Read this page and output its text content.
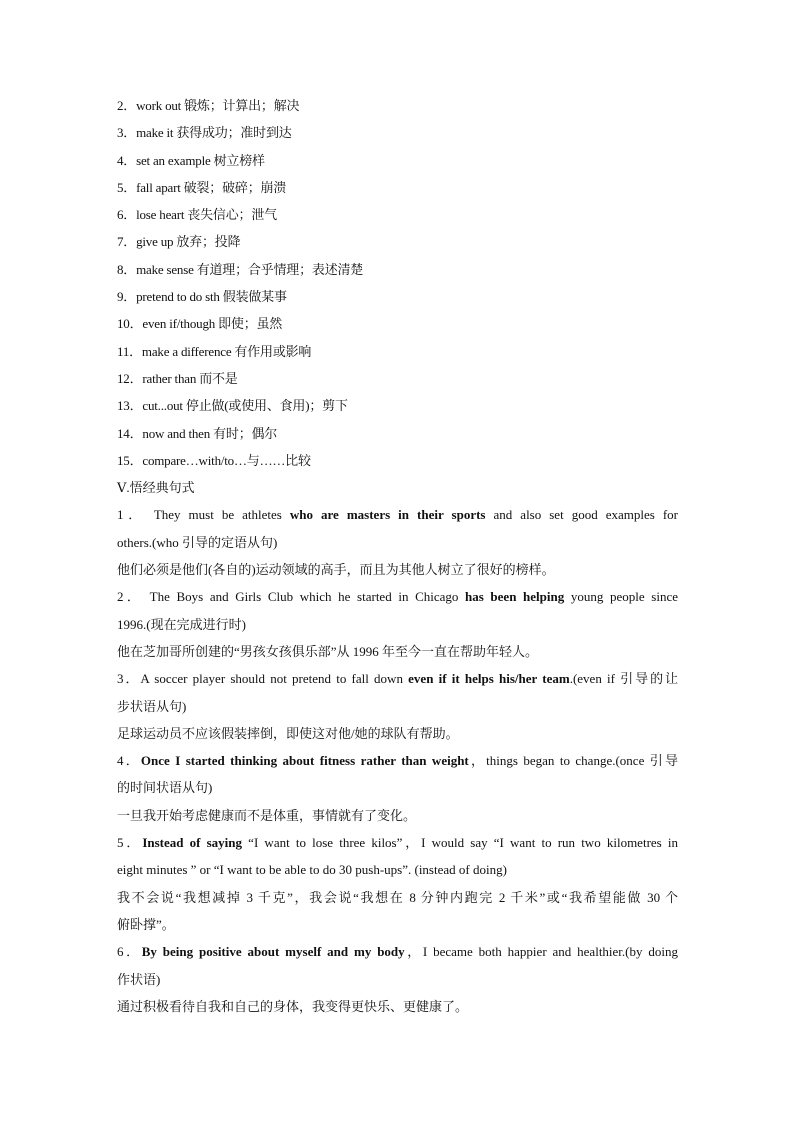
2．work out 锻炼；计算出；解决
3．make it 获得成功；准时到达
4．set an example 树立榜样
5．fall apart 破裂；破碎；崩溃
6．lose heart 丧失信心；泄气
7．give up 放弃；投降
8．make sense 有道理；合乎情理；表述清楚
9．pretend to do sth 假装做某事
10．even if/though 即使；虽然
11．make a difference 有作用或影响
12．rather than 而不是
13．cut...out 停止做(或使用、食用)；剪下
14．now and then 有时；偶尔
15．compare…with/to…与……比较
Ⅴ.悟经典句式
1． They must be athletes who are masters in their sports and also set good examples for
others.(who 引导的定语从句)
他们必须是他们(各自的)运动领域的高手，而且为其他人树立了很好的榜样。
2． The Boys and Girls Club which he started in Chicago has been helping young people since
1996.(现在完成进行时)
他在芝加哥所创建的“男孩女孩俱乐部”从 1996 年至今一直在帮助年轻人。
3．A soccer player should not pretend to fall down even if it helps his/her team.(even if 引导的让
步状语从句)
足球运动员不应该假装摔倒，即使这对他/她的球队有帮助。
4．Once I started thinking about fitness rather than weight，things began to change.(once 引导
的时间状语从句)
一旦我开始考虑健康而不是体重，事情就有了变化。
5．Instead of saying “I want to lose three kilos”，I would say “I want to run two kilometres in
eight minutes ” or “I want to be able to do 30 push-ups”. (instead of doing)
我不会说“我想减掉 3 千克”，我会说“我想在 8 分钟内跑完 2 千米”或“我希望能做 30 个
俯卧撑”。
6．By being positive about myself and my body，I became both happier and healthier.(by doing
作状语)
通过积极看待自我和自己的身体，我变得更快乐、更健康了。
